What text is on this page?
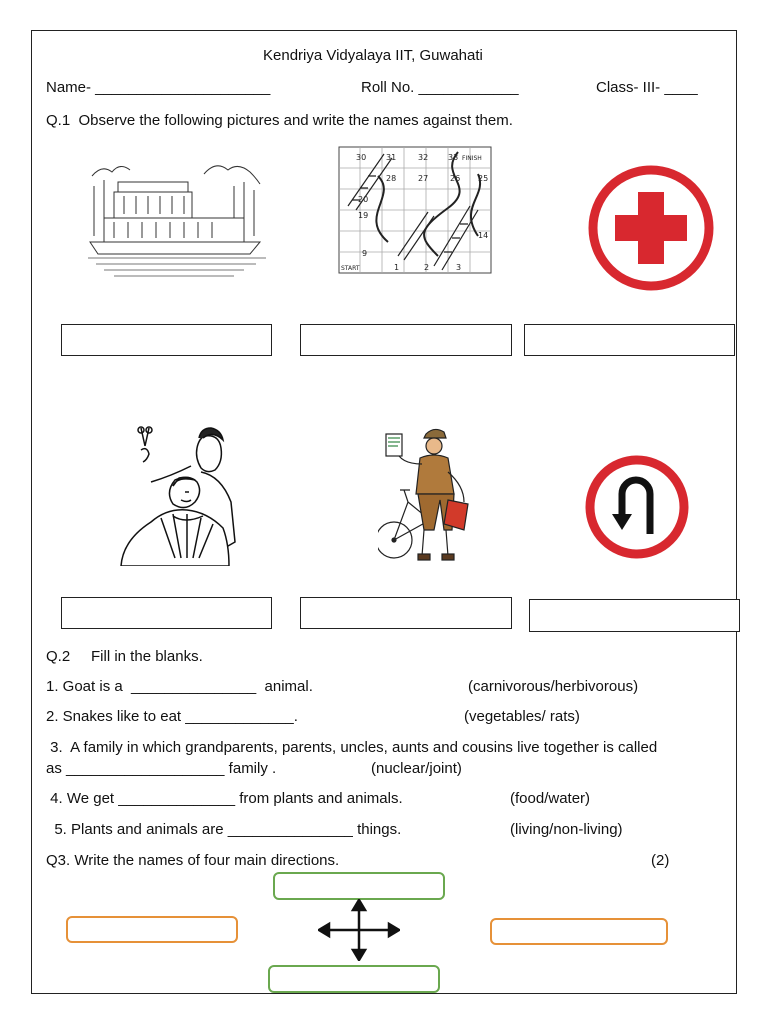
Kendriya Vidyalaya IIT, Guwahati
Name- _____________________	Roll No. ____________	Class- III- ____
Q.1  Observe the following pictures and write the names against them.
30 31	32 33 FINISH
28	27	26 25
20
19
14
9
START	1	2	3
Q.2     Fill in the blanks.
1. Goat is a  _______________  animal.	(carnivorous/herbivorous)
2. Snakes like to eat _____________.	(vegetables/ rats)
3.  A family in which grandparents, parents, uncles, aunts and cousins live together is called
as ___________________ family .	(nuclear/joint)
4. We get ______________ from plants and animals.	(food/water)
5. Plants and animals are _______________ things.	(living/non-living)
Q3. Write the names of four main directions.	(2)
